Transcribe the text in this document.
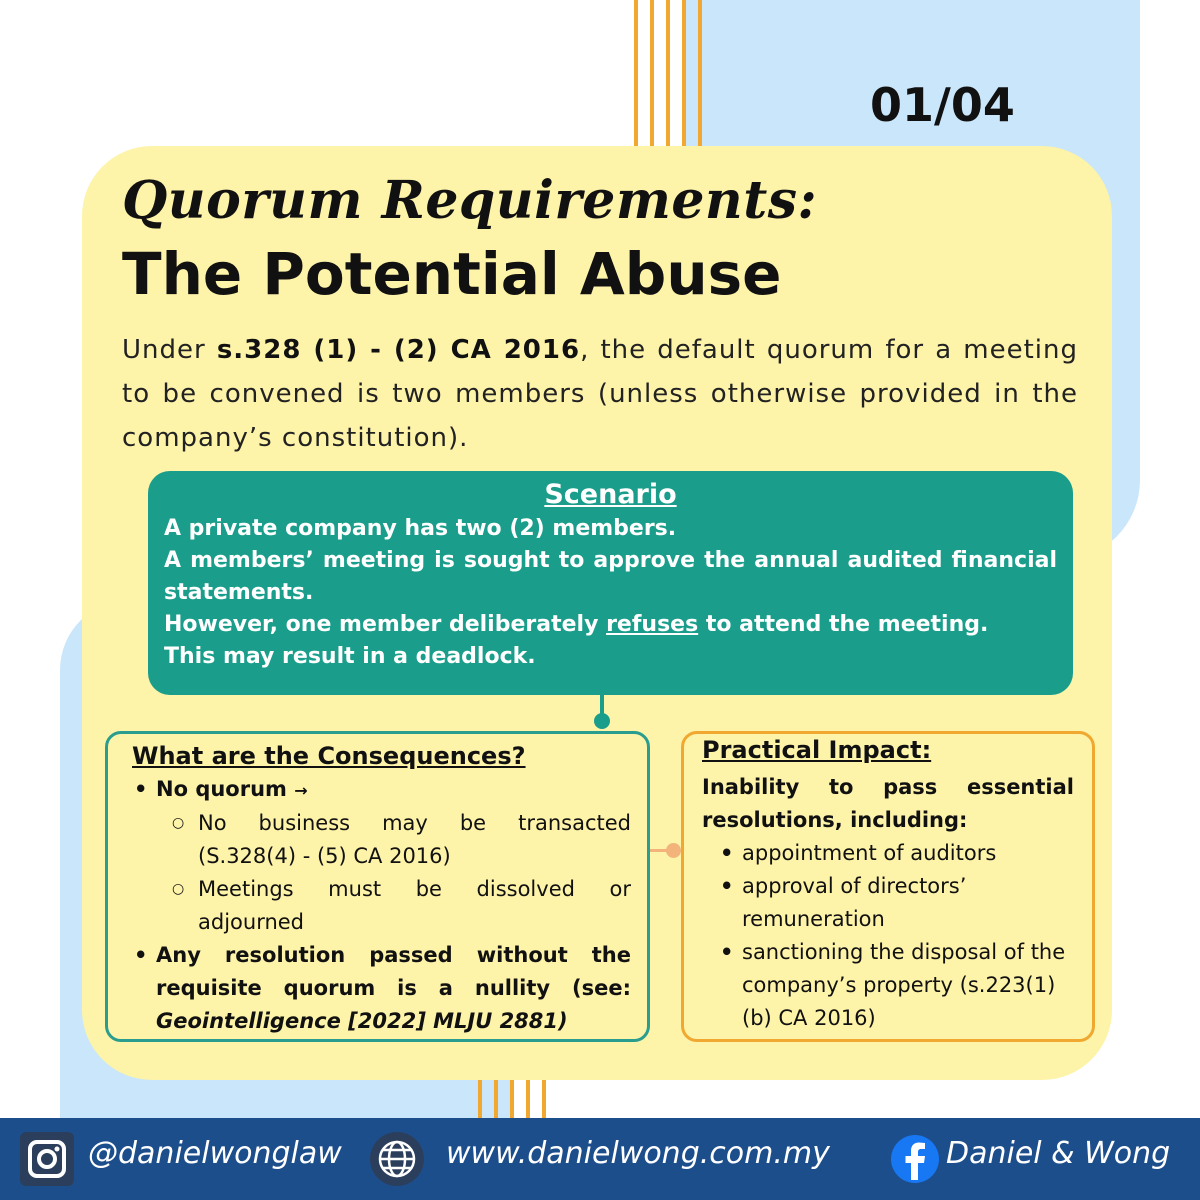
01/04
Quorum Requirements:
The Potential Abuse
Under s.328 (1) - (2) CA 2016, the default quorum for a meeting to be convened is two members (unless otherwise provided in the company’s constitution).
Scenario

A private company has two (2) members.

A members’ meeting is sought to approve the annual audited financial statements.

However, one member deliberately refuses to attend the meeting.

This may result in a deadlock.

What are the Consequences?
• No quorum →
○ No business may be transacted (S.328(4) - (5) CA 2016)
○ Meetings must be dissolved or adjourned
• Any resolution passed without the requisite quorum is a nullity (see: Geointelligence [2022] MLJU 2881)
Practical Impact:
Inability to pass essential resolutions, including:
• appointment of auditors
• approval of directors’ remuneration
• sanctioning the disposal of the company’s property (s.223(1)(b) CA 2016)
@danielwonglaw	www.danielwong.com.my	Daniel & Wong
